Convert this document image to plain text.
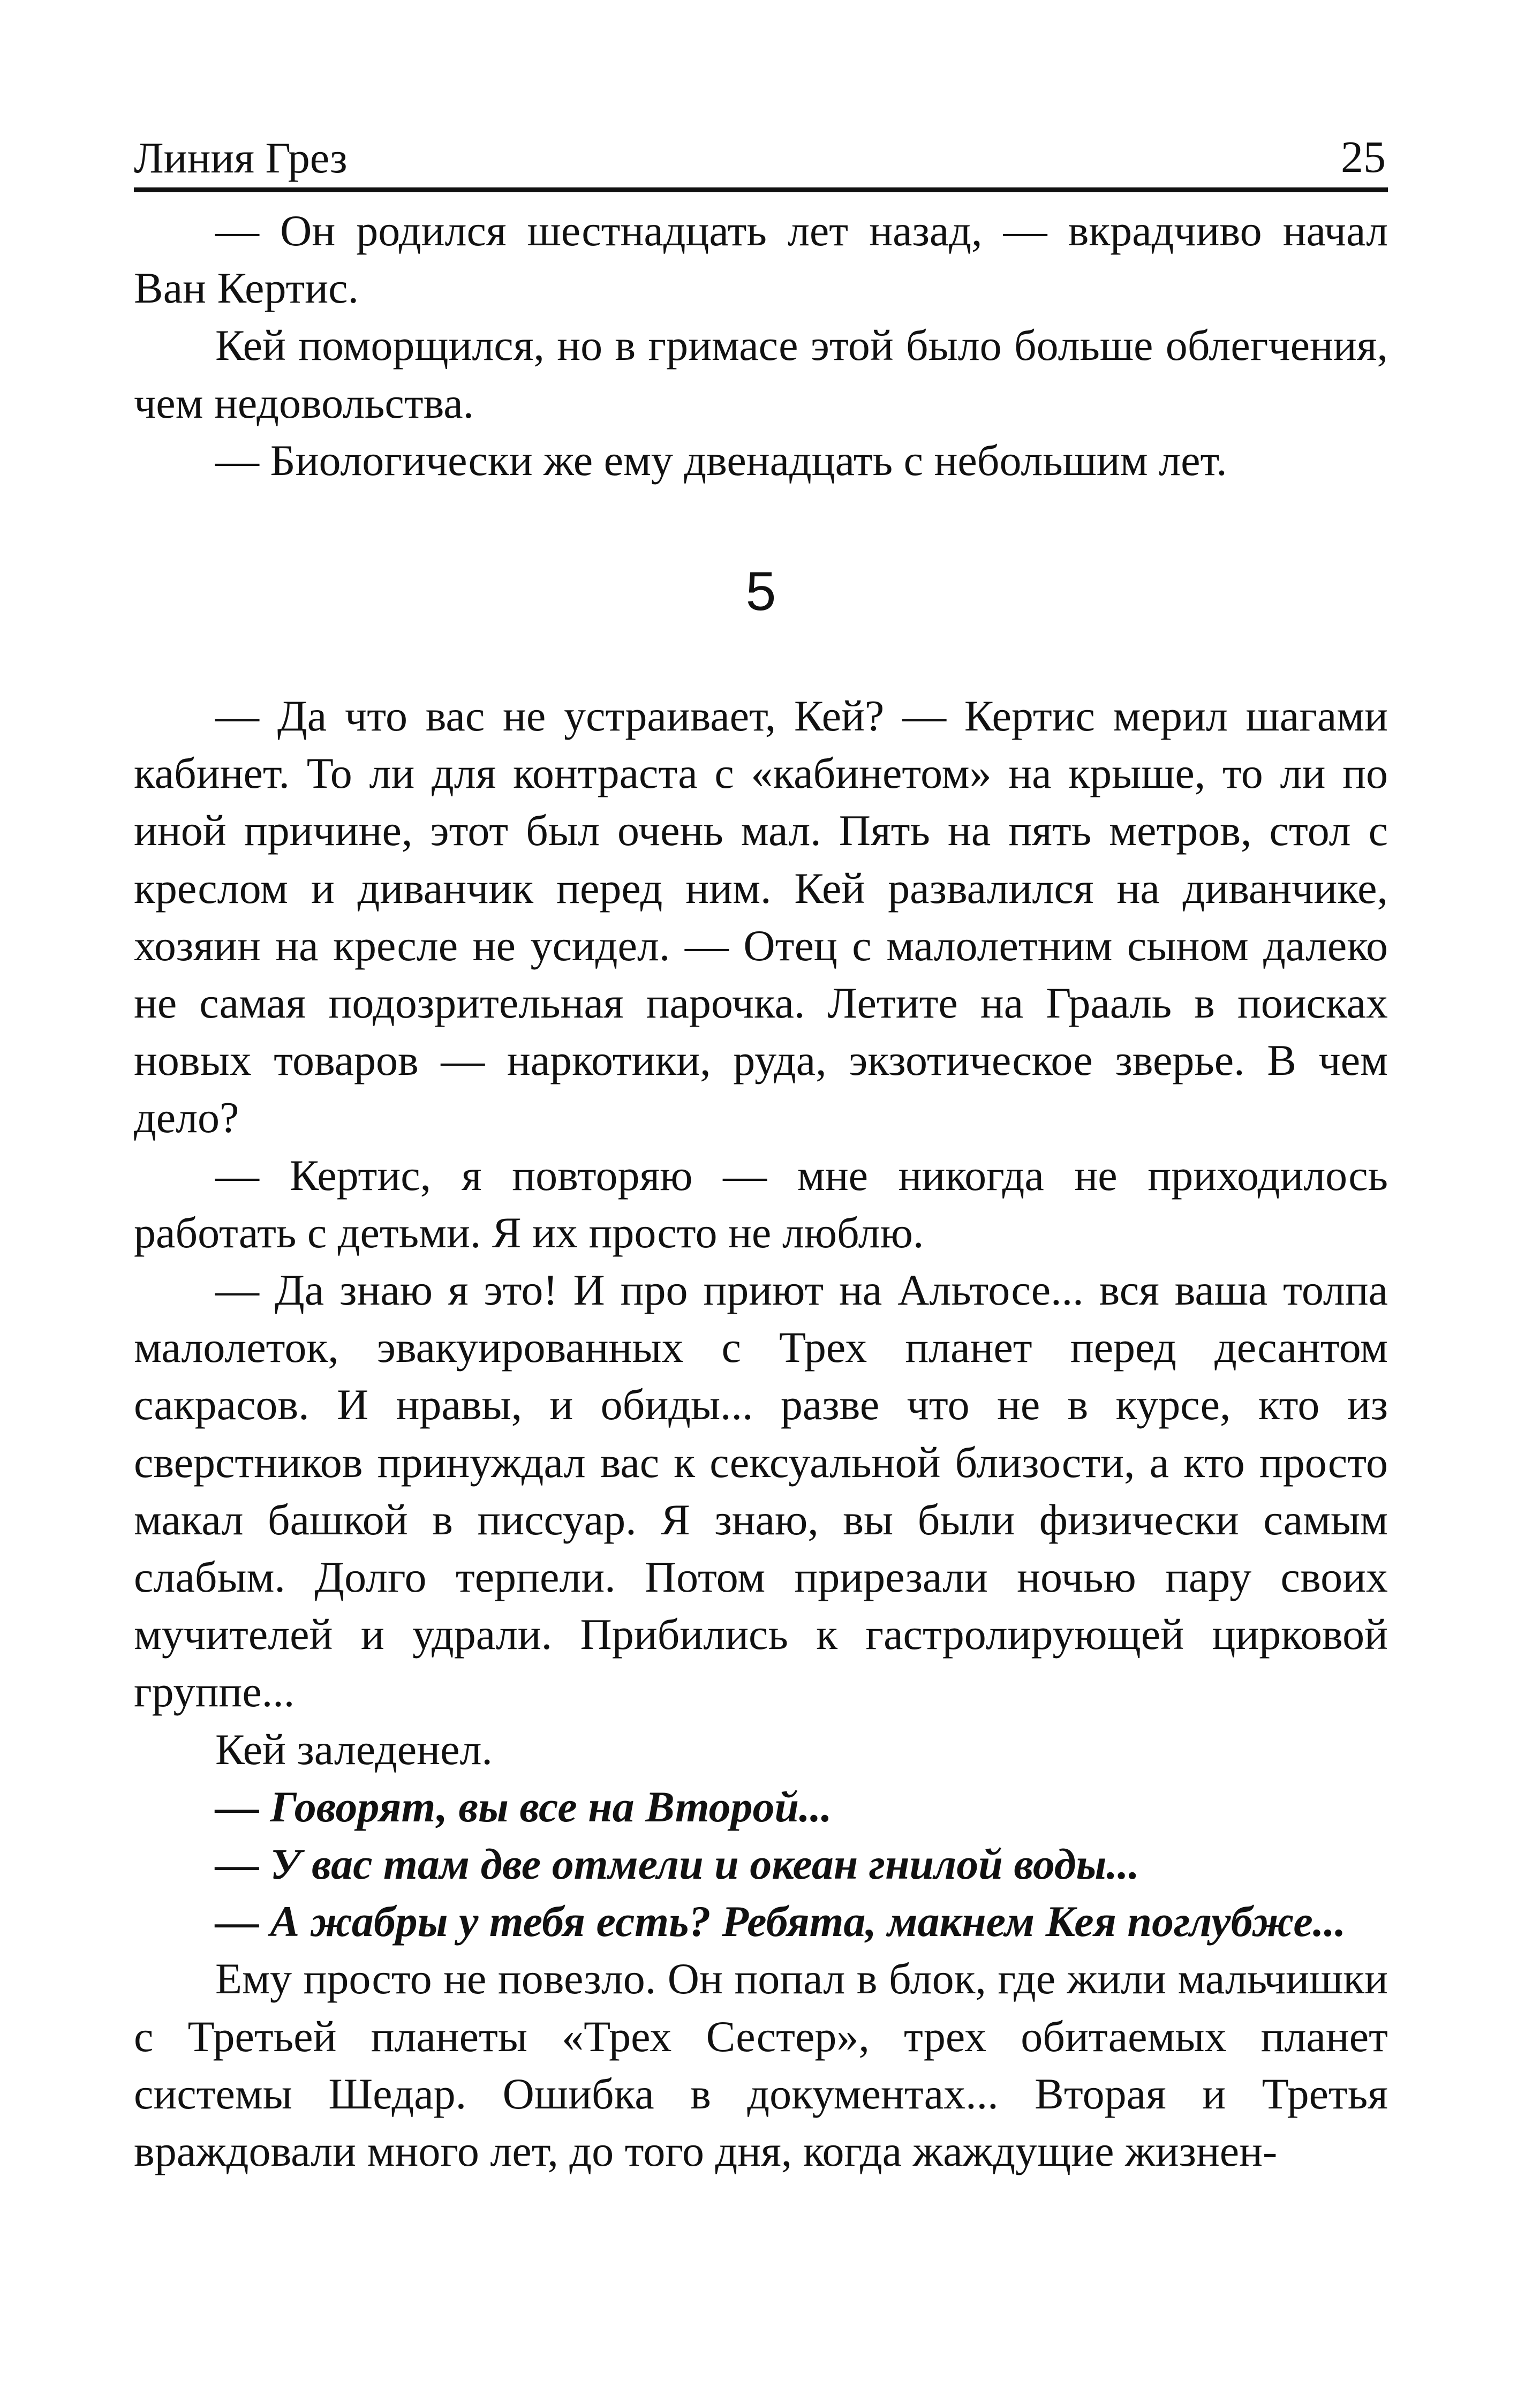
Линия Грез	25

— Он родился шестнадцать лет назад, — вкрадчиво начал Ван Кертис.

Кей поморщился, но в гримасе этой было больше облегчения, чем недовольства.

— Биологически же ему двенадцать с небольшим лет.

5

— Да что вас не устраивает, Кей? — Кертис мерил шагами кабинет. То ли для контраста с «кабинетом» на крыше, то ли по иной причине, этот был очень мал. Пять на пять метров, стол с креслом и диванчик перед ним. Кей развалился на диванчике, хозяин на кресле не усидел. — Отец с малолетним сыном далеко не самая подозрительная парочка. Летите на Грааль в поисках новых товаров — наркотики, руда, экзотическое зверье. В чем дело?

— Кертис, я повторяю — мне никогда не приходилось работать с детьми. Я их просто не люблю.

— Да знаю я это! И про приют на Альтосе... вся ваша толпа малолеток, эвакуированных с Трех планет перед десантом сакрасов. И нравы, и обиды... разве что не в курсе, кто из сверстников принуждал вас к сексуальной близости, а кто просто макал башкой в писсуар. Я знаю, вы были физически самым слабым. Долго терпели. Потом прирезали ночью пару своих мучителей и удрали. Прибились к гастролирующей цирковой группе...

Кей заледенел.

— Говорят, вы все на Второй...

— У вас там две отмели и океан гнилой воды...

— А жабры у тебя есть? Ребята, макнем Кея поглубже...

Ему просто не повезло. Он попал в блок, где жили мальчишки с Третьей планеты «Трех Сестер», трех обитаемых планет системы Шедар. Ошибка в документах... Вторая и Третья враждовали много лет, до того дня, когда жаждущие жизнен-
